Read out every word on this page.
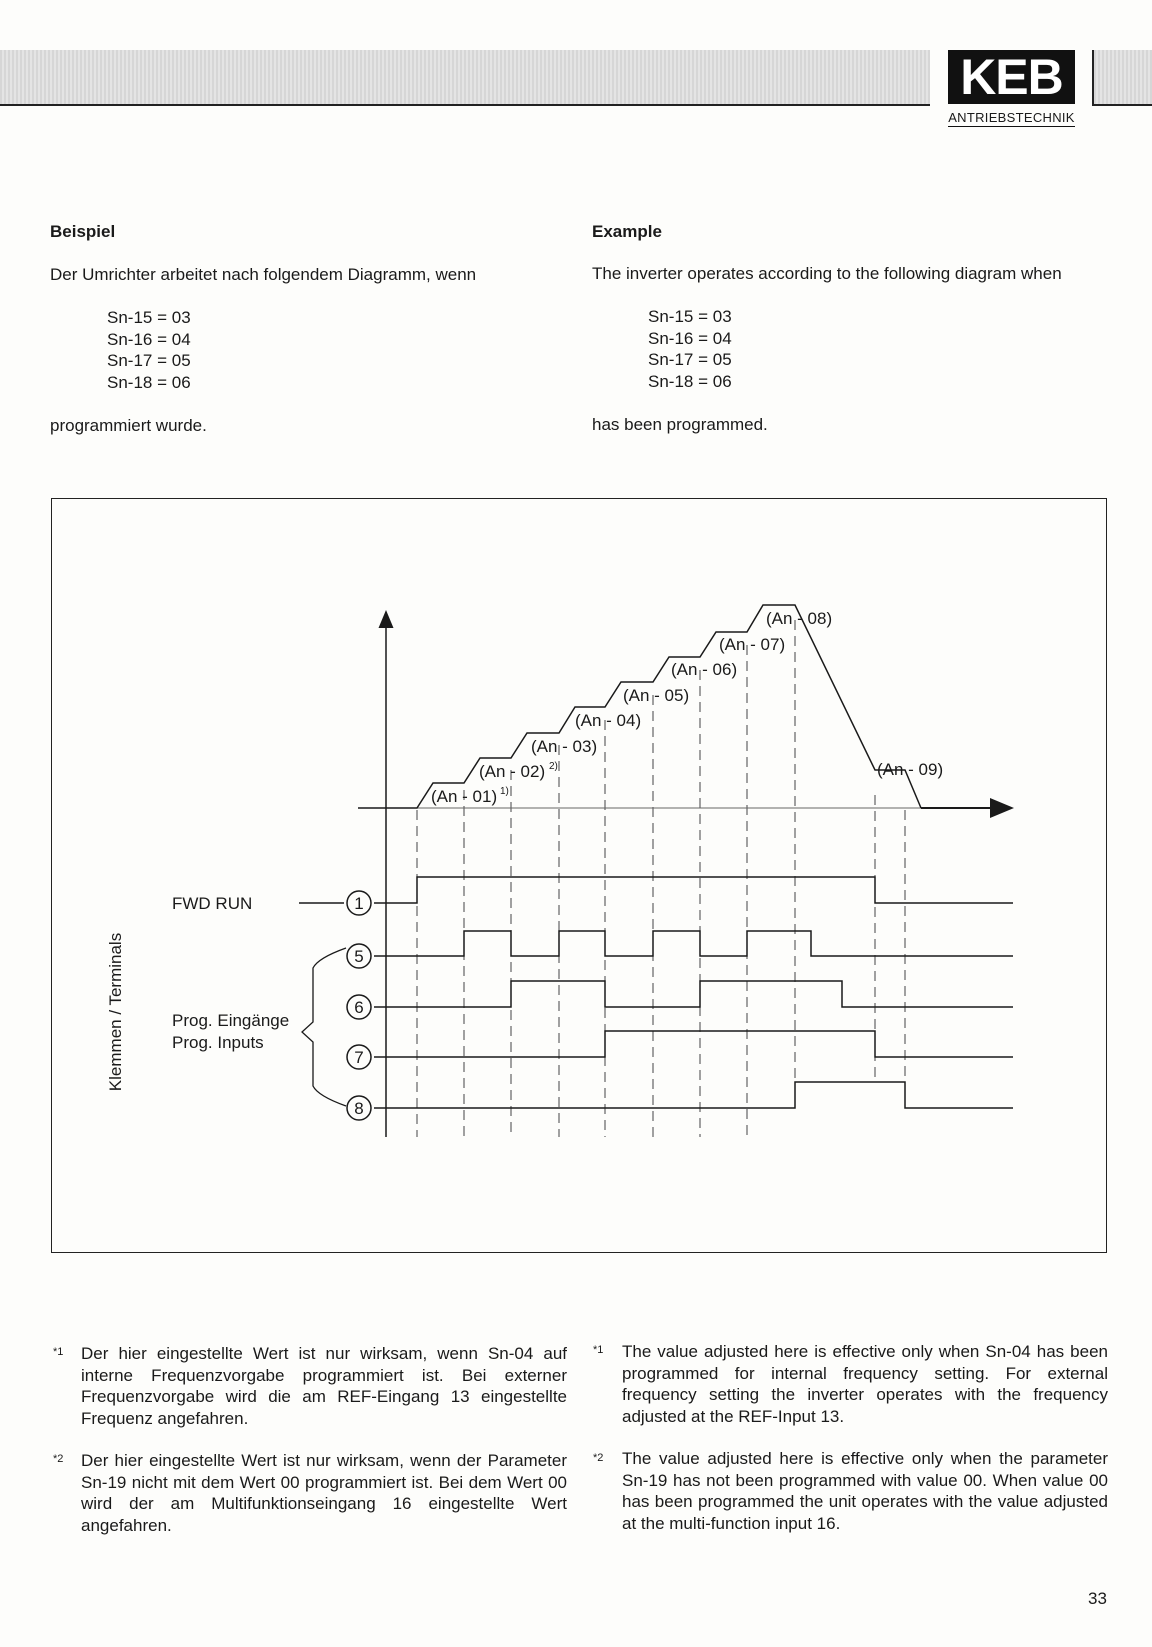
KEB
ANTRIEBSTECHNIK
Beispiel
Der Umrichter arbeitet nach folgendem Diagramm, wenn
Sn-15 = 03
Sn-16 = 04
Sn-17 = 05
Sn-18 = 06
programmiert wurde.
Example
The inverter operates according to the following diagram when
Sn-15 = 03
Sn-16 = 04
Sn-17 = 05
Sn-18 = 06
has been programmed.
(An - 01)
(An - 02)
(An - 03)
(An - 04)
(An - 05)
(An - 06)
(An - 07)
(An - 08)
(An - 09)
1)
2)
FWD RUN	1
5
6
7
8
Prog. Eingänge
Prog. Inputs
Klemmen / Terminals
*1 Der hier eingestellte Wert ist nur wirksam, wenn Sn-04 auf interne Frequenzvorgabe programmiert ist. Bei externer Frequenzvorgabe wird die am REF-Eingang 13 eingestellte Frequenz angefahren.
*2 Der hier eingestellte Wert ist nur wirksam, wenn der Parameter Sn-19 nicht mit dem Wert 00 programmiert ist. Bei dem Wert 00 wird der am Multifunktionseingang 16 eingestellte Wert angefahren.
*1 The value adjusted here is effective only when Sn-04 has been programmed for internal frequency setting. For external frequency setting the inverter operates with the frequency adjusted at the REF-Input 13.
*2 The value adjusted here is effective only when the parameter Sn-19 has not been programmed with value 00. When value 00 has been programmed the unit operates with the value adjusted at the multi-function input 16.
33
